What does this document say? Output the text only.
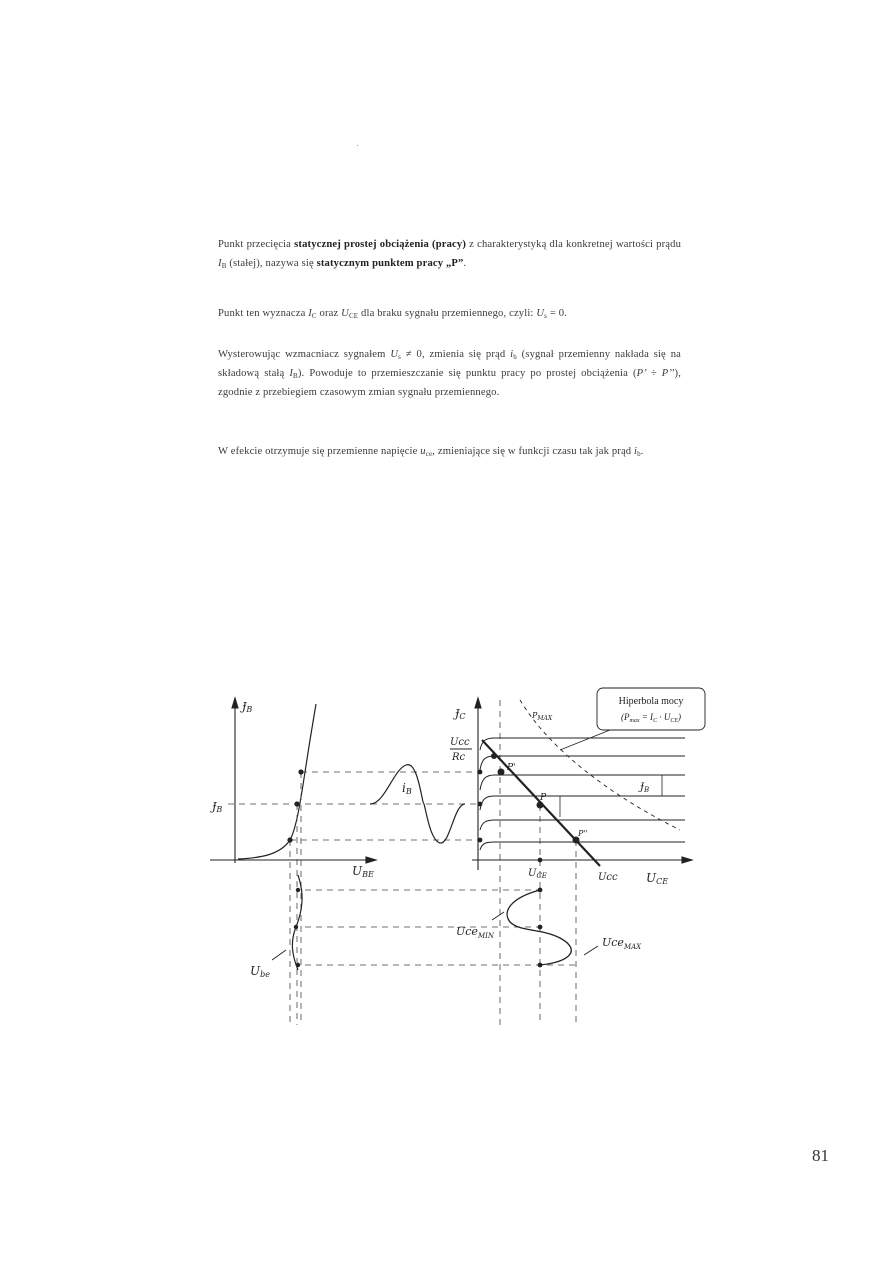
Punkt przecięcia statycznej prostej obciążenia (pracy) z charakterystyką dla konkretnej wartości prądu $I_B$ (stałej), nazywa się statycznym punktem pracy „P”.

Punkt ten wyznacza $I_C$ oraz $U_{CE}$ dla braku sygnału przemiennego, czyli: $U_s = 0$.

Wysterowując wzmacniacz sygnałem $U_s \ne 0$, zmienia się prąd $i_b$ (sygnał przemienny nakłada się na składową stałą $I_B$). Powoduje to przemieszczanie się punktu pracy po prostej obciążenia (P’ ÷ P’’), zgodnie z przebiegiem czasowym zmian sygnału przemiennego.

W efekcie otrzymuje się przemienne napięcie $u_{ce}$, zmieniające się w funkcji czasu tak jak prąd $i_b$.

ɈB
ɈB
iB
UBE
ɈC
Ucc
Rc
$P_{MAX}$
P'
P
P''
$Ɉ_B$
$U_{CE}$	Ucc UCE
Uce$_{MIN}$	Uce$_{MAX}$
Ube
Hiperbola mocy
$(P_{max} = I_C \cdot U_{CE})$
81
